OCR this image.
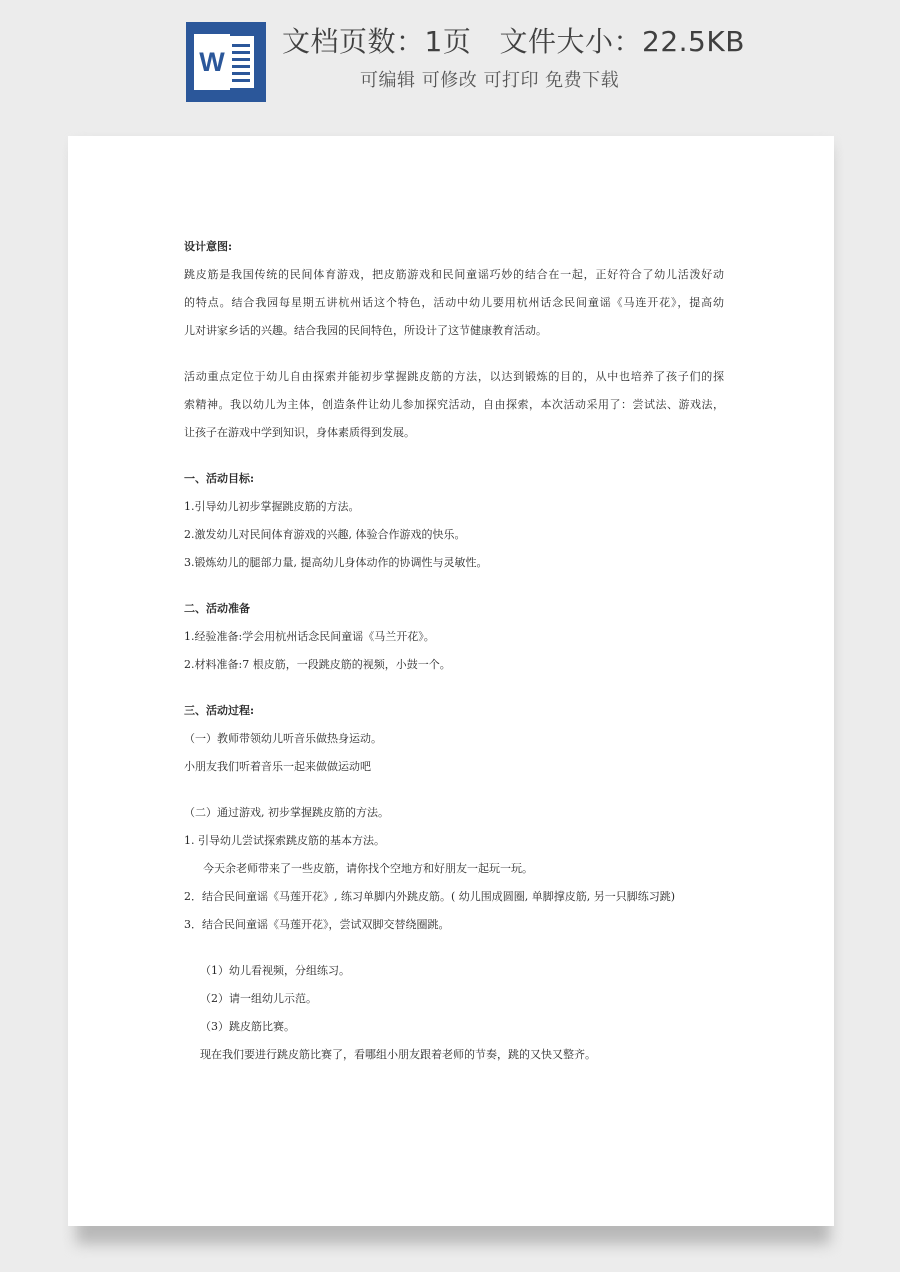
W
文档页数：1页   文件大小：22.5KB
可编辑 可修改 可打印 免费下载
设计意图:
跳皮筋是我国传统的民间体育游戏，把皮筋游戏和民间童谣巧妙的结合在一起，正好符合了幼儿活泼好动
的特点。结合我园每星期五讲杭州话这个特色，活动中幼儿要用杭州话念民间童谣《马连开花》，提高幼
儿对讲家乡话的兴趣。结合我园的民间特色，所设计了这节健康教育活动。
活动重点定位于幼儿自由探索并能初步掌握跳皮筋的方法，以达到锻炼的目的，从中也培养了孩子们的探
索精神。我以幼儿为主体，创造条件让幼儿参加探究活动，自由探索，本次活动采用了：尝试法、游戏法，
让孩子在游戏中学到知识，身体素质得到发展。
一、活动目标:
1.引导幼儿初步掌握跳皮筋的方法。
2.激发幼儿对民间体育游戏的兴趣, 体验合作游戏的快乐。
3.锻炼幼儿的腿部力量, 提高幼儿身体动作的协调性与灵敏性。
二、活动准备
1.经验准备:学会用杭州话念民间童谣《马兰开花》。
2.材料准备:7 根皮筋，一段跳皮筋的视频，小鼓一个。
三、活动过程:
（一）教师带领幼儿听音乐做热身运动。
小朋友我们听着音乐一起来做做运动吧
（二）通过游戏, 初步掌握跳皮筋的方法。
1. 引导幼儿尝试探索跳皮筋的基本方法。
今天余老师带来了一些皮筋，请你找个空地方和好朋友一起玩一玩。
2．结合民间童谣《马莲开花》, 练习单脚内外跳皮筋。( 幼儿围成圆圈, 单脚撑皮筋, 另一只脚练习跳)
3．结合民间童谣《马莲开花》，尝试双脚交替绕圈跳。
（1）幼儿看视频，分组练习。
（2）请一组幼儿示范。
（3）跳皮筋比赛。
现在我们要进行跳皮筋比赛了，看哪组小朋友跟着老师的节奏，跳的又快又整齐。
